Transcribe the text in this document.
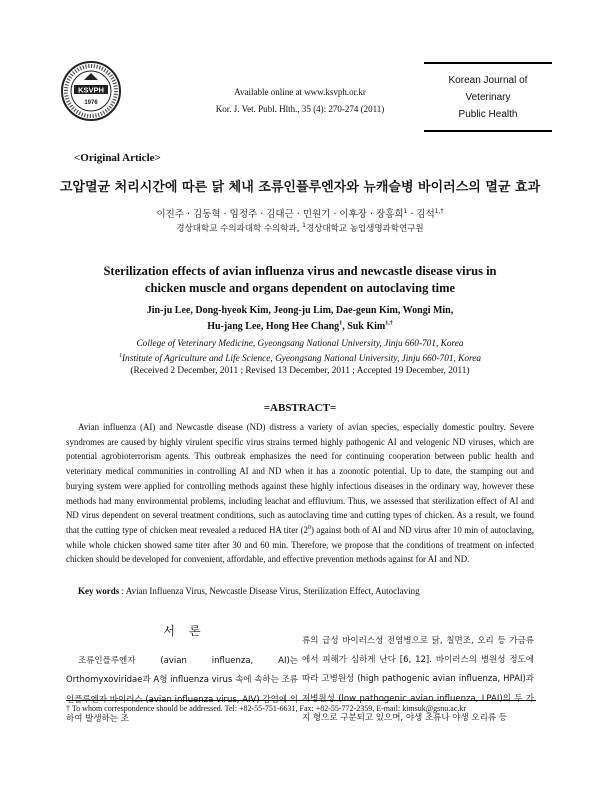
KSVPH
1976
Available online at www.ksvph.or.kr
Kor. J. Vet. Publ. Hlth., 35 (4): 270-274 (2011)
Korean Journal of
Veterinary
Public Health
<Original Article>
고압멸균 처리시간에 따른 닭 체내 조류인플루엔자와 뉴캐슬병 바이러스의 멸균 효과
이진주 · 김동혁 · 임정주 · 김대근 · 민원기 · 이후장 · 장홍희$^1$ · 김석$^{1,\dagger}$
경상대학교 수의과대학 수의학과, $^1$경상대학교 농업생명과학연구원
Sterilization effects of avian influenza virus and newcastle disease virus in
chicken muscle and organs dependent on autoclaving time
Jin-ju Lee, Dong-hyeok Kim, Jeong-ju Lim, Dae-geun Kim, Wongi Min,
Hu-jang Lee, Hong Hee Chang$^1$, Suk Kim$^{1,\dagger}$
College of Veterinary Medicine, Gyeongsang National University, Jinju 660-701, Korea
$^1$Institute of Agriculture and Life Science, Gyeongsang National University, Jinju 660-701, Korea
(Received 2 December, 2011 ; Revised 13 December, 2011 ; Accepted 19 December, 2011)
=ABSTRACT=
Avian influenza (AI) and Newcastle disease (ND) distress a variety of avian species, especially domestic poultry. Severe syndromes are caused by highly virulent specific virus strains termed highly pathogenic AI and velogenic ND viruses, which are potential agrobioterrorism agents. This outbreak emphasizes the need for continuing cooperation between public health and veterinary medical communities in controlling AI and ND when it has a zoonotic potential. Up to date, the stamping out and burying system were applied for controlling methods against these highly infectious diseases in the ordinary way, however these methods had many environmental problems, including leachat and effluvium. Thus, we assessed that sterilization effect of AI and ND virus dependent on several treatment conditions, such as autoclaving time and cutting types of chicken. As a result, we found that the cutting type of chicken meat revealed a reduced HA titer $(2^0)$ against both of AI and ND virus after 10 min of autoclaving, while whole chicken showed same titer after 30 and 60 min. Therefore, we propose that the conditions of treatment on infected chicken should be developed for convenient, affordable, and effective prevention methods against for AI and ND.
Key words : Avian Influenza Virus, Newcastle Disease Virus, Sterilization Effect, Autoclaving
서론
조류인플루엔자 (avian influenza, AI)는 Orthomyxoviridae과 A형 influenza virus 속에 속하는 조류인플루엔자 바이러스 (avian influenza virus, AIV) 감염에 의하여 발생하는 조
류의 급성 바이러스성 전염병으로 닭, 칠면조, 오리 등 가금류에서 피해가 심하게 난다 [6, 12]. 바이러스의 병원성 정도에 따라 고병원성 (high pathogenic avian influenza, HPAI)과 저병원성 (low pathogenic avian influenza, LPAI)의 두 가지 형으로 구분되고 있으며, 야생 조류나 야생 오리류 등
† To whom correspondence should be addressed. Tel: +82-55-751-6631, Fax: +82-55-772-2359, E-mail: kimsuk@gsnu.ac.kr
